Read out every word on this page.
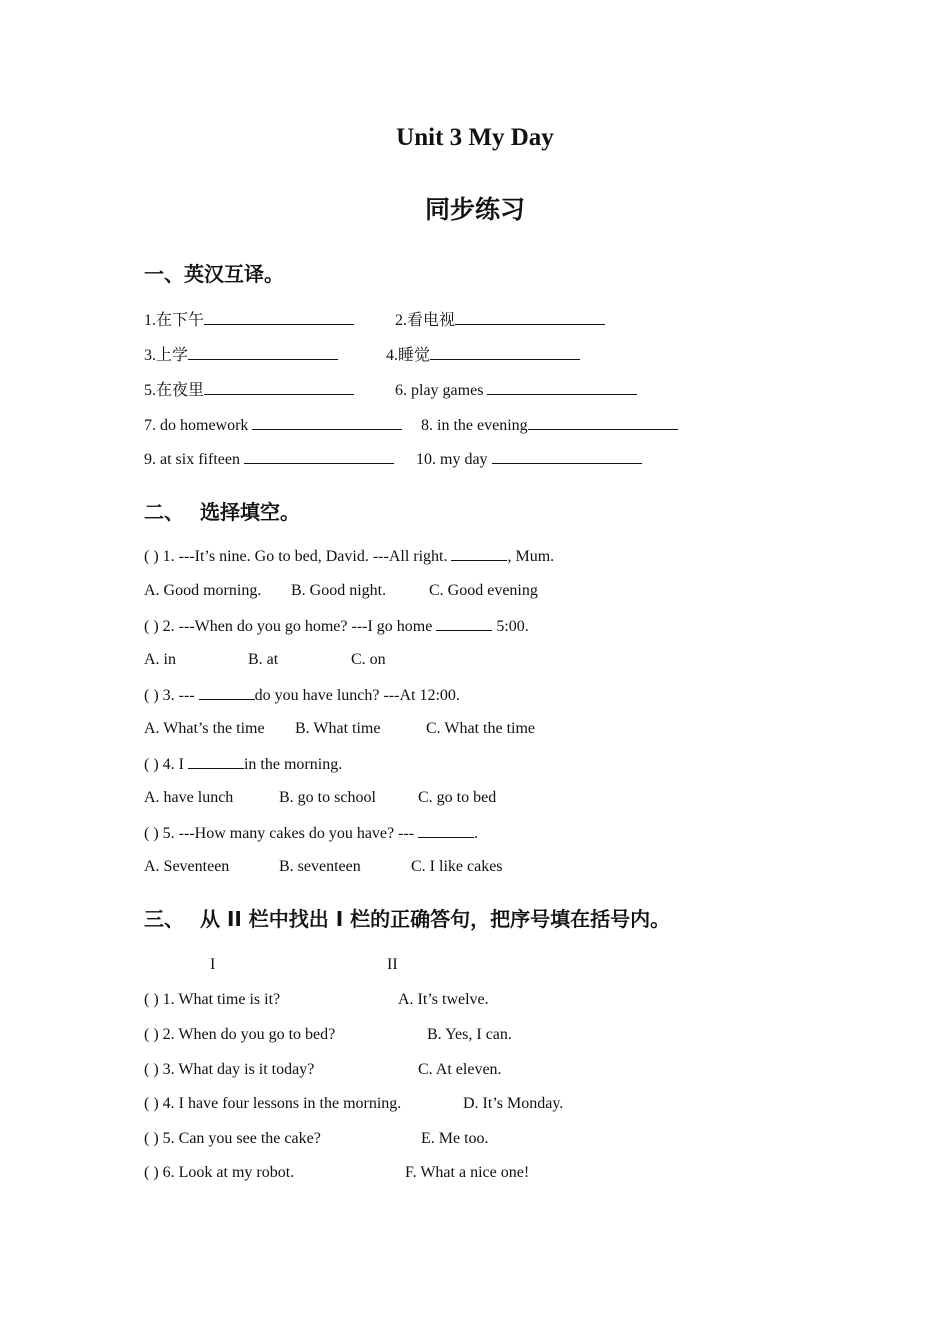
Unit 3 My Day
同步练习
一、英汉互译。
1.在下午	2.看电视
3.上学	4.睡觉
5.在夜里	6. play games
7. do homework	8. in the evening
9. at six fifteen	10. my day
二、 选择填空。
( ) 1. ---It’s nine. Go to bed, David. ---All right.	, Mum.
A. Good morning. B. Good night.	C. Good evening
( ) 2. ---When do you go home? ---I go home	5:00.
A. in	B. at	C. on
( ) 3. ---	do you have lunch? ---At 12:00.
A. What’s the time B. What time	C. What the time
( ) 4. I	in the morning.
A. have lunch	B. go to school	C. go to bed
( ) 5. ---How many cakes do you have? ---	.
A. Seventeen	B. seventeen	C. I like cakes
三、 从 II 栏中找出 I 栏的正确答句，把序号填在括号内。
I	II
( ) 1. What time is it?	A. It’s twelve.
( ) 2. When do you go to bed?	B. Yes, I can.
( ) 3. What day is it today?	C. At eleven.
( ) 4. I have four lessons in the morning.	D. It’s Monday.
( ) 5. Can you see the cake?	E. Me too.
( ) 6. Look at my robot.	F. What a nice one!
